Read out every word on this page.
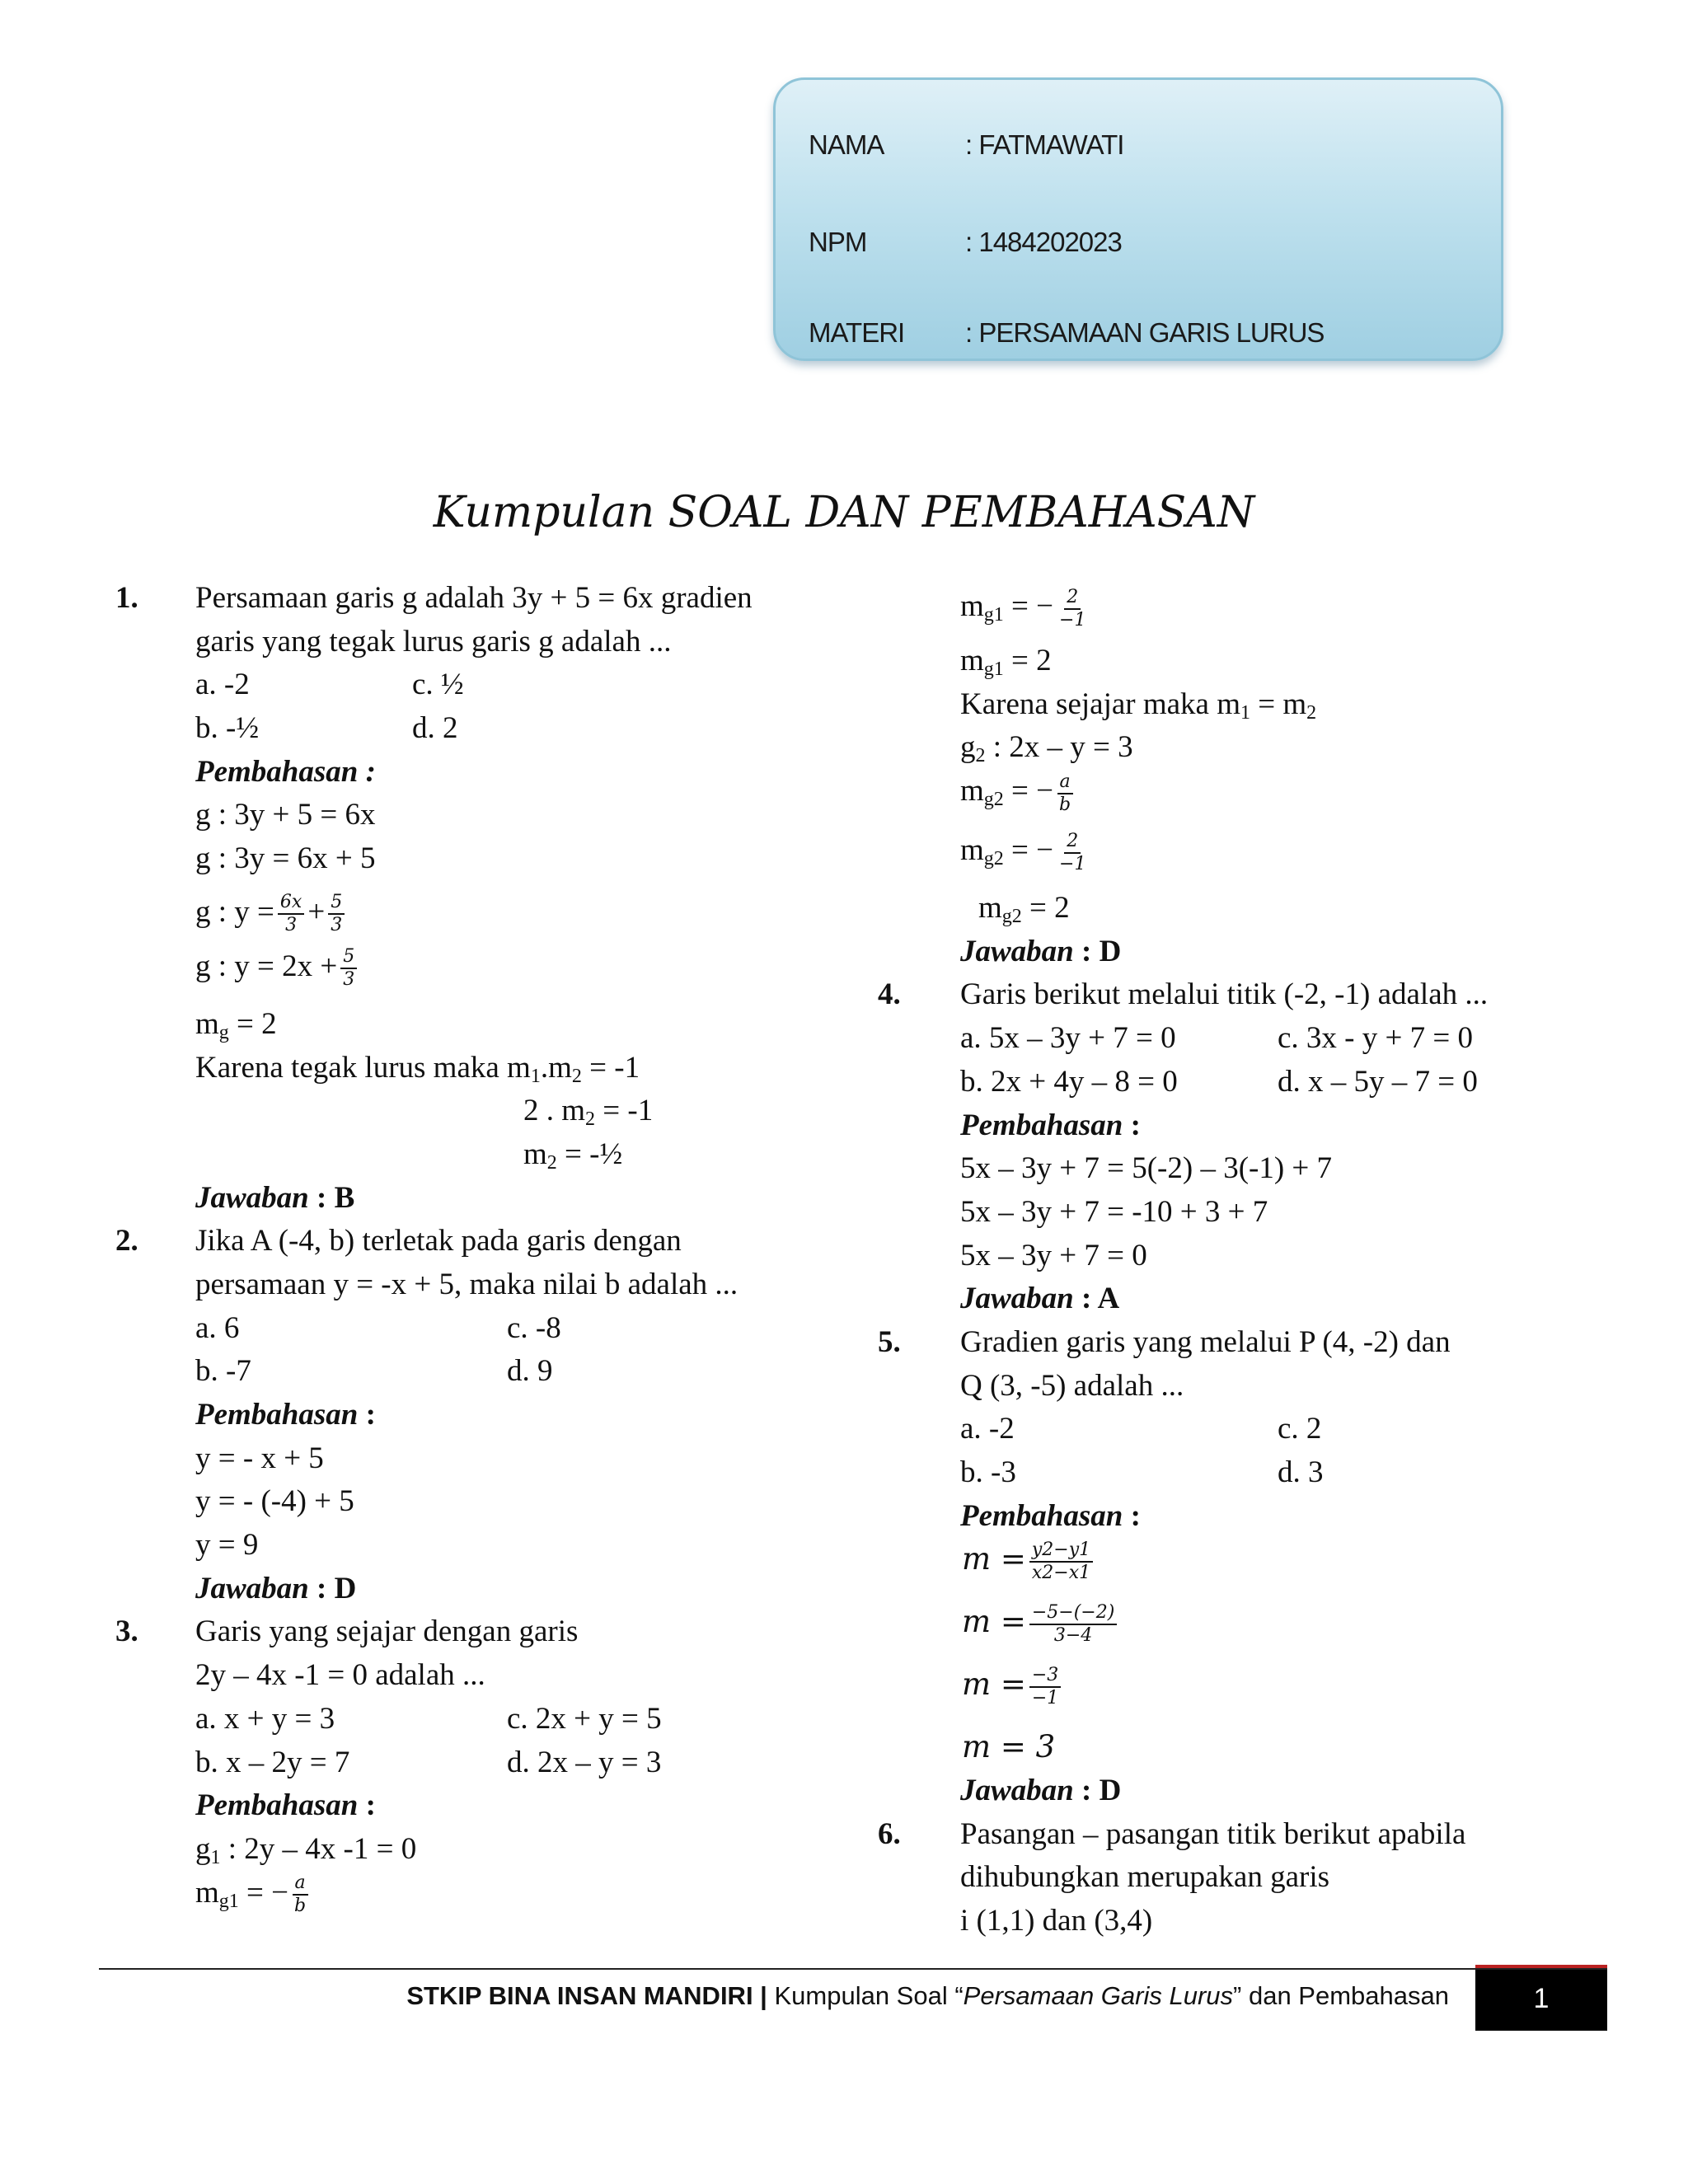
NAMA	: FATMAWATI
NPM	: 1484202023
MATERI : PERSAMAAN GARIS LURUS
Kumpulan SOAL DAN PEMBAHASAN
1. Persamaan garis g adalah 3y + 5 = 6x gradien
garis yang tegak lurus garis g adalah ...
a. -2	c. ½
b. -½	d. 2
Pembahasan :
g : 3y + 5 = 6x
g : 3y = 6x + 5
g : $y = \frac{6x}{3} + \frac{5}{3}$
g : $y = 2x + \frac{5}{3}$
$m_g = 2$
Karena tegak lurus maka $m_1.m_2 = -1$
2 . $m_2 = -1$
$m_2$ = -½
Jawaban : B
2. Jika A (-4, b) terletak pada garis dengan
persamaan y = -x + 5, maka nilai b adalah ...
a. 6	c. -8
b. -7	d. 9
Pembahasan :
y = - x + 5
y = - (-4) + 5
y = 9
Jawaban : D
3. Garis yang sejajar dengan garis
2y – 4x -1 = 0 adalah ...
a. x + y = 3	c. 2x + y = 5
b. x – 2y = 7	d. 2x – y = 3
Pembahasan :
$g_1$ : 2y – 4x -1 = 0
$m_{g1}$ = − $\frac{a}{b}$
$m_{g1}$ = − $\frac{2}{-1}$
$m_{g1} = 2$
Karena sejajar maka $m_1 = m_2$
$g_2$ : 2x – y = 3
$m_{g2}$ = − $\frac{a}{b}$
$m_{g2}$ = − $\frac{2}{-1}$
$m_{g2} = 2$
Jawaban : D
4. Garis berikut melalui titik (-2, -1) adalah ...
a. 5x – 3y + 7 = 0	c. 3x - y + 7 = 0
b. 2x + 4y – 8 = 0	d. x – 5y – 7 = 0
Pembahasan :
5x – 3y + 7 = 5(-2) – 3(-1) + 7
5x – 3y + 7 = -10 + 3 + 7
5x – 3y + 7 = 0
Jawaban : A
5. Gradien garis yang melalui P (4, -2) dan
Q (3, -5) adalah ...
a. -2	c. 2
b. -3	d. 3
Pembahasan :
$m = \frac{y2-y1}{x2-x1}$
$m = \frac{-5-(-2)}{3-4}$
$m = \frac{-3}{-1}$
m = 3
Jawaban : D
6. Pasangan – pasangan titik berikut apabila
dihubungkan merupakan garis
i (1,1) dan (3,4)
STKIP BINA INSAN MANDIRI | Kumpulan Soal “Persamaan Garis Lurus” dan Pembahasan	1
